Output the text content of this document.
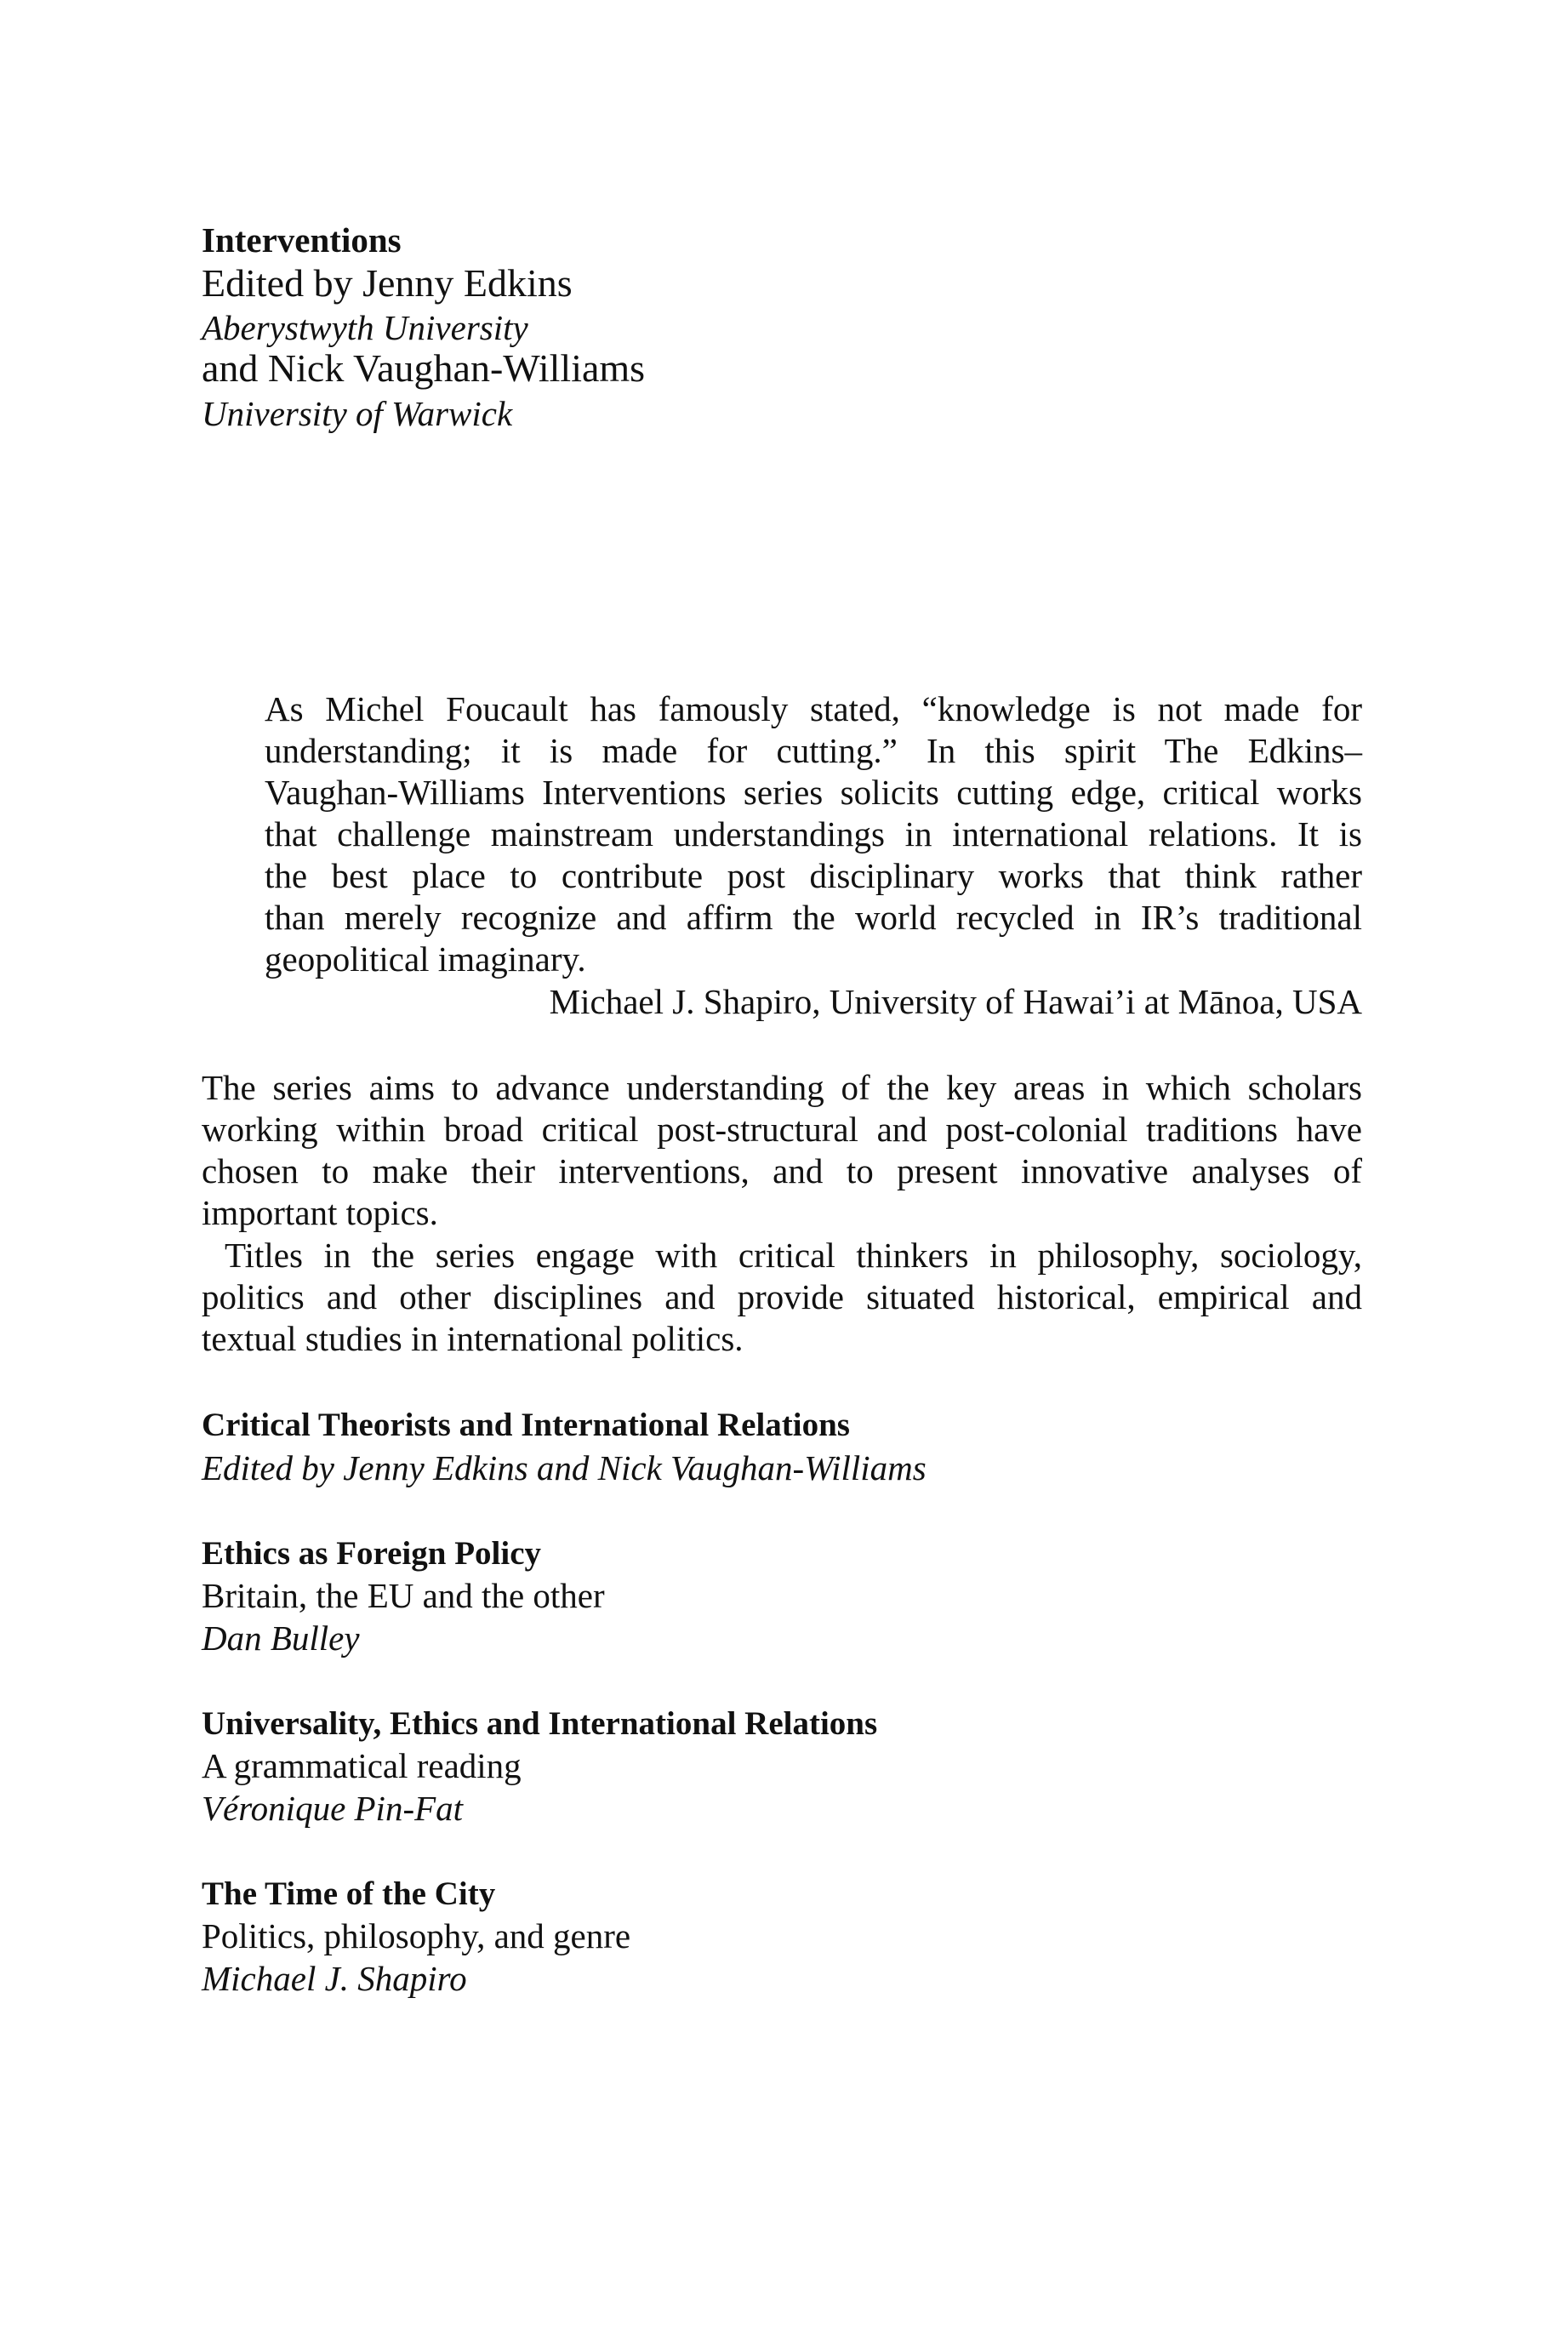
Interventions
Edited by Jenny Edkins
Aberystwyth University
and Nick Vaughan-Williams
University of Warwick
As Michel Foucault has famously stated, “knowledge is not made for
understanding; it is made for cutting.” In this spirit The Edkins–
Vaughan-Williams Interventions series solicits cutting edge, critical works
that challenge mainstream understandings in international relations. It is
the best place to contribute post disciplinary works that think rather
than merely recognize and affirm the world recycled in IR’s traditional
geopolitical imaginary.
Michael J. Shapiro, University of Hawai’i at Mānoa, USA
The series aims to advance understanding of the key areas in which scholars
working within broad critical post-structural and post-colonial traditions have
chosen to make their interventions, and to present innovative analyses of
important topics.
Titles in the series engage with critical thinkers in philosophy, sociology,
politics and other disciplines and provide situated historical, empirical and
textual studies in international politics.
Critical Theorists and International Relations
Edited by Jenny Edkins and Nick Vaughan-Williams
Ethics as Foreign Policy
Britain, the EU and the other
Dan Bulley
Universality, Ethics and International Relations
A grammatical reading
Véronique Pin-Fat
The Time of the City
Politics, philosophy, and genre
Michael J. Shapiro
